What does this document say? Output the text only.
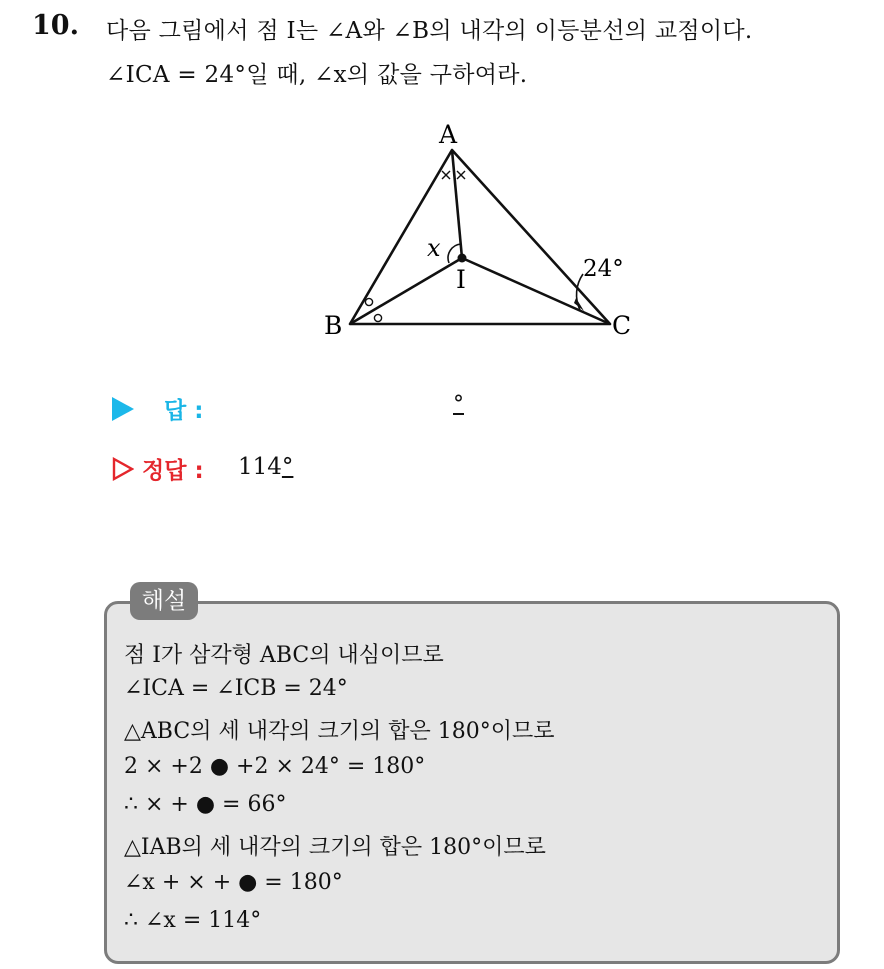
10. 다음 그림에서 점 I는 ∠A와 ∠B의 내각의 이등분선의 교점이다.
∠ICA = 24°일 때, ∠x의 값을 구하여라.
A
B	C
I
x
24°
답 :	°
정답 : 114°
해설
점 I가 삼각형 ABC의 내심이므로
∠ICA = ∠ICB = 24°
△ABC의 세 내각의 크기의 합은 180°이므로
2 × +2 ● +2 × 24° = 180°
∴ × + ● = 66°
△IAB의 세 내각의 크기의 합은 180°이므로
∠x + × + ● = 180°
∴ ∠x = 114°
